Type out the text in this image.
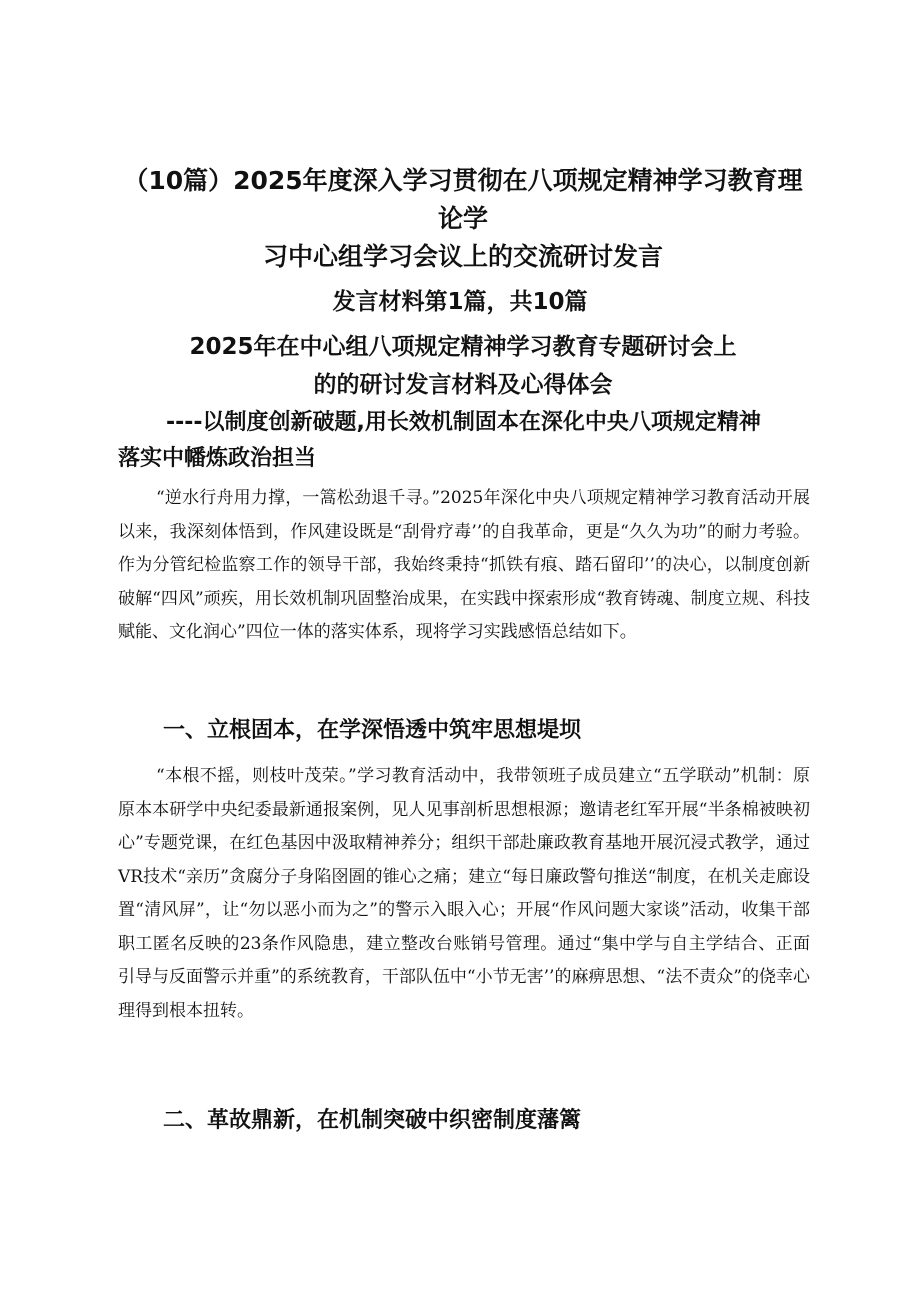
（10篇）2025年度深入学习贯彻在八项规定精神学习教育理论学
习中心组学习会议上的交流研讨发言
发言材料第1篇，共10篇
2025年在中心组八项规定精神学习教育专题研讨会上
的的研讨发言材料及心得体会
----以制度创新破题,用长效机制固本在深化中央八项规定精神
落实中幡炼政治担当

“逆水行舟用力撑，一篙松劲退千寻。”2025年深化中央八项规定精神学习教育活动开展以来，我深刻体悟到，作风建设既是“刮骨疗毒’’的自我革命，更是“久久为功”的耐力考验。作为分管纪检监察工作的领导干部，我始终秉持“抓铁有痕、踏石留印’’的决心，以制度创新破解“四风”顽疾，用长效机制巩固整治成果，在实践中探索形成“教育铸魂、制度立规、科技赋能、文化润心”四位一体的落实体系，现将学习实践感悟总结如下。

一、立根固本，在学深悟透中筑牢思想堤坝

“本根不摇，则枝叶茂荣。”学习教育活动中，我带领班子成员建立“五学联动”机制：原原本本研学中央纪委最新通报案例，见人见事剖析思想根源；邀请老红军开展“半条棉被映初心”专题党课，在红色基因中汲取精神养分；组织干部赴廉政教育基地开展沉浸式教学，通过VR技术“亲历”贪腐分子身陷囹圄的锥心之痛；建立“每日廉政警句推送“制度，在机关走廊设置“清风屏”，让“勿以恶小而为之”的警示入眼入心；开展“作风问题大家谈”活动，收集干部职工匿名反映的23条作风隐患，建立整改台账销号管理。通过“集中学与自主学结合、正面引导与反面警示并重”的系统教育，干部队伍中“小节无害’’的麻痹思想、“法不责众”的侥幸心理得到根本扭转。

二、革故鼎新，在机制突破中织密制度藩篱
